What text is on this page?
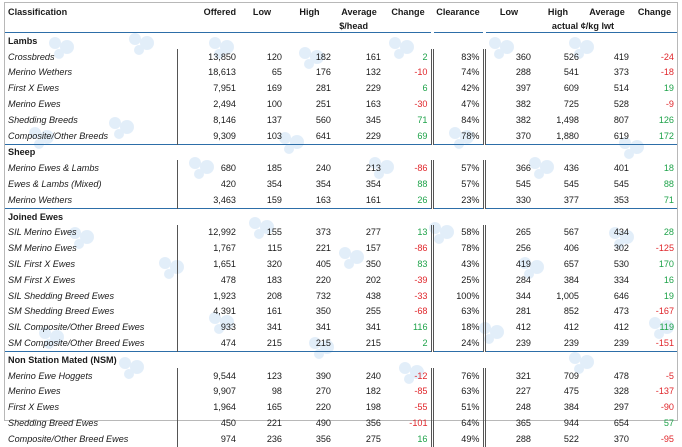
Classification	Offered	Low	High	Average	Change	Clearance	Low	High	Average	Change
			$/head					actual ¢/kg lwt		
Lambs										
Crossbreds	13,850	120	182	161	2	83%	360	526	419	-24
Merino Wethers	18,613	65	176	132	-10	74%	288	541	373	-18
First X Ewes	7,951	169	281	229	6	42%	397	609	514	19
Merino Ewes	2,494	100	251	163	-30	47%	382	725	528	-9
Shedding Breeds	8,146	137	560	345	71	84%	382	1,498	807	126
Composite/Other Breeds	9,309	103	641	229	69	78%	370	1,880	619	172
Sheep										
Merino Ewes & Lambs	680	185	240	213	-86	57%	366	436	401	18
Ewes & Lambs (Mixed)	420	354	354	354	88	57%	545	545	545	88
Merino Wethers	3,463	159	163	161	26	23%	330	377	353	71
Joined Ewes										
SIL Merino Ewes	12,992	155	373	277	13	58%	265	567	434	28
SM Merino Ewes	1,767	115	221	157	-86	78%	256	406	302	-125
SIL First X Ewes	1,651	320	405	350	83	43%	419	657	530	170
SM First X Ewes	478	183	220	202	-39	25%	284	384	334	16
SIL Shedding Breed Ewes	1,923	208	732	438	-33	100%	344	1,005	646	19
SM Shedding Breed Ewes	4,391	161	350	255	-68	63%	281	852	473	-167
SIL Composite/Other Breed Ewes	933	341	341	341	116	18%	412	412	412	119
SM Composite/Other Breed Ewes	474	215	215	215	2	24%	239	239	239	-151
Non Station Mated (NSM)										
Merino Ewe Hoggets	9,544	123	390	240	-12	76%	321	709	478	-5
Merino Ewes	9,907	98	270	182	-85	63%	227	475	328	-137
First X Ewes	1,964	165	220	198	-55	51%	248	384	297	-90
Shedding Breed Ewes	450	221	490	356	-101	64%	365	944	654	57
Composite/Other Breed Ewes	974	236	356	275	16	49%	288	522	370	-95
